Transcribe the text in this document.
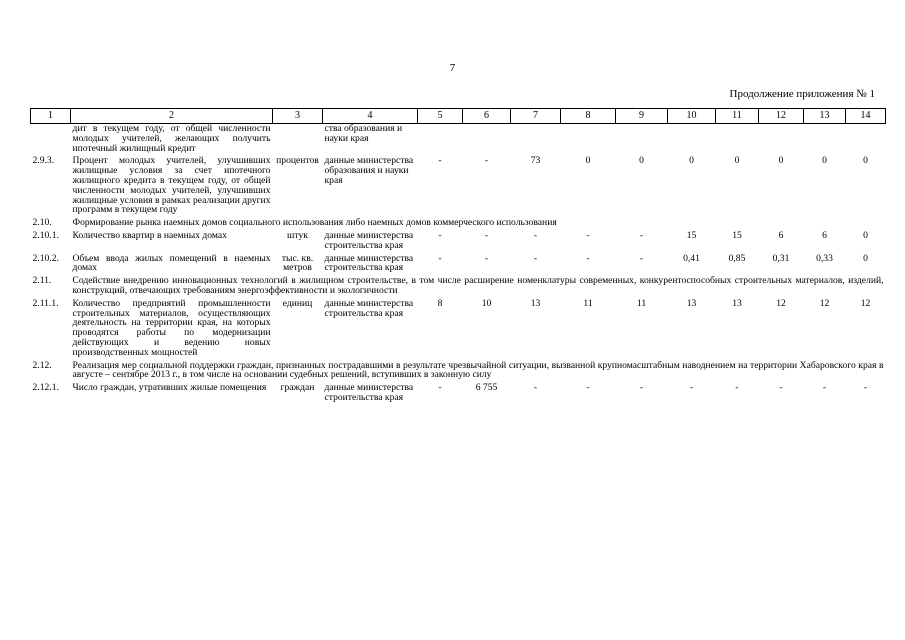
7
Продолжение приложения № 1
1	2	3	4	5	6	7	8	9	10	11	12	13	14
	дит в текущем году, от общей численности молодых учителей, желающих получить ипотечный жилищный кредит		ства образования и науки края										

2.9.3.	Процент молодых учителей, улучшивших жилищные условия за счет ипотечного жилищного кредита в текущем году, от общей численности молодых учителей, улучшивших жилищные условия в рамках реализации других программ в текущем году	процентов	данные министерства образования и науки края	-	-	73	0	0	0	0	0	0	0

2.10.	Формирование рынка наемных домов социального использования либо наемных домов коммерческого использования												

2.10.1.	Количество квартир в наемных домах	штук	данные министерства строительства края	-	-	-	-	-	15	15	6	6	0

2.10.2.	Объем ввода жилых помещений в наемных домах	тыс. кв. метров	данные министерства строительства края	-	-	-	-	-	0,41	0,85	0,31	0,33	0

2.11.	Содействие внедрению инновационных технологий в жилищном строительстве, в том числе расширение номенклатуры современных, конкурентоспособных строительных материалов, изделий, конструкций, отвечающих требованиям энергоэффективности и экологичности												

2.11.1.	Количество предприятий промышленности строительных материалов, осуществляющих деятельность на территории края, на которых проводятся работы по модернизации действующих и ведению новых производственных мощностей	единиц	данные министерства строительства края	8	10	13	11	11	13	13	12	12	12

2.12.	Реализация мер социальной поддержки граждан, признанных пострадавшими в результате чрезвычайной ситуации, вызванной крупномасштабным наводнением на территории Хабаровского края в августе – сентябре 2013 г., в том числе на основании судебных решений, вступивших в законную силу												

2.12.1.	Число граждан, утративших жилые помещения	граждан	данные министерства строительства края	-	6 755	-	-	-	-	-	-	-	-
